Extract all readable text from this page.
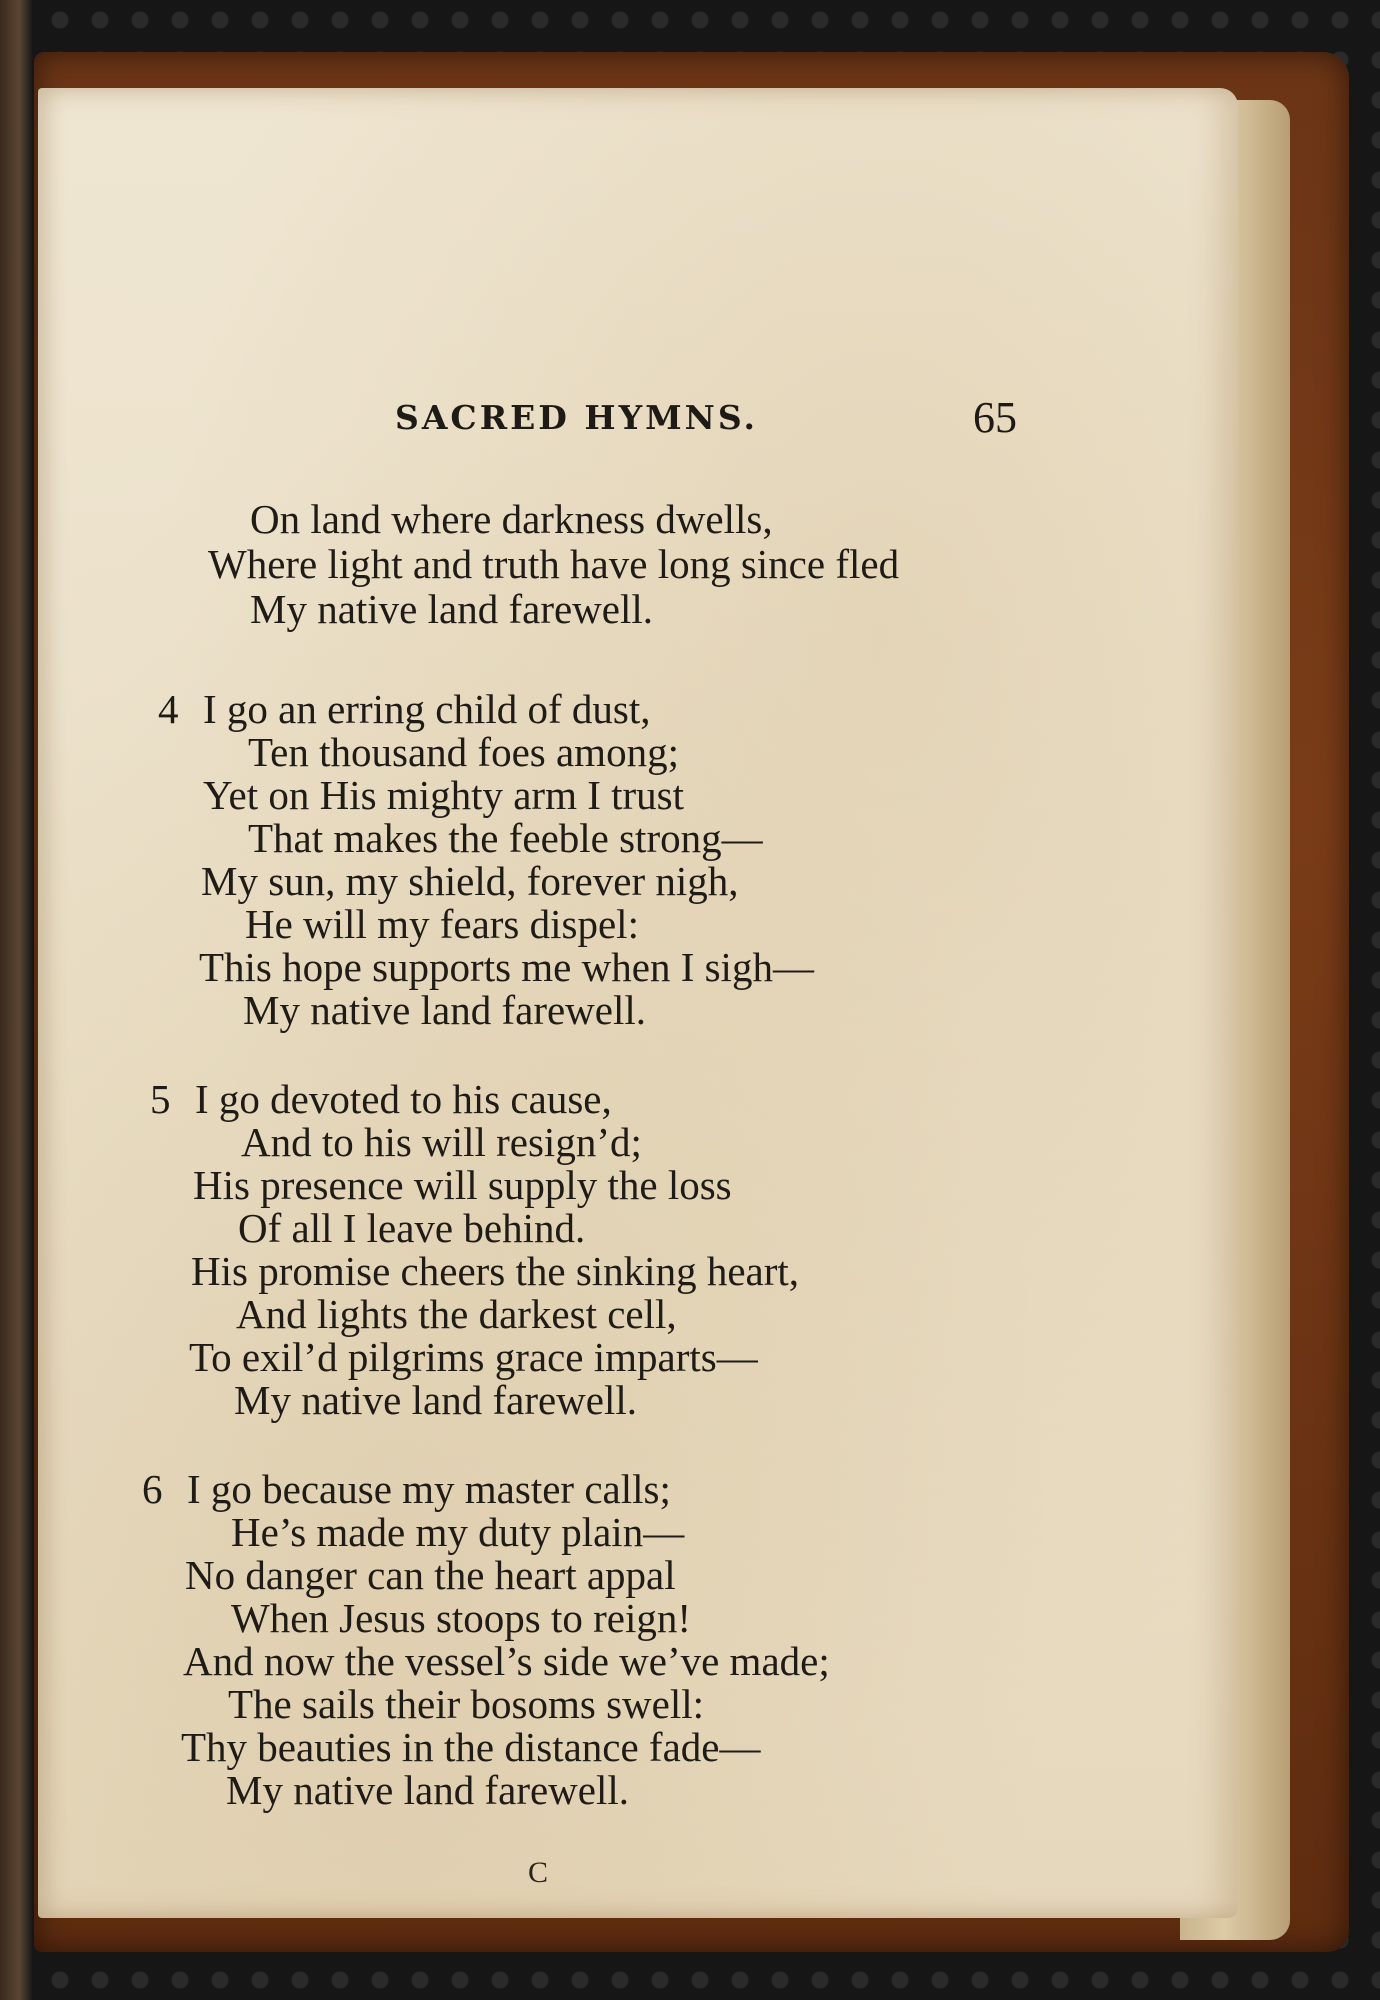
SACRED HYMNS.	65
On land where darkness dwells,
Where light and truth have long since fled
My native land farewell.
4 I go an erring child of dust,
Ten thousand foes among;
Yet on His mighty arm I trust
That makes the feeble strong—
My sun, my shield, forever nigh,
He will my fears dispel:
This hope supports me when I sigh—
My native land farewell.
5 I go devoted to his cause,
And to his will resign’d;
His presence will supply the loss
Of all I leave behind.
His promise cheers the sinking heart,
And lights the darkest cell,
To exil’d pilgrims grace imparts—
My native land farewell.
6 I go because my master calls;
He’s made my duty plain—
No danger can the heart appal
When Jesus stoops to reign!
And now the vessel’s side we’ve made;
The sails their bosoms swell:
Thy beauties in the distance fade—
My native land farewell.
C
